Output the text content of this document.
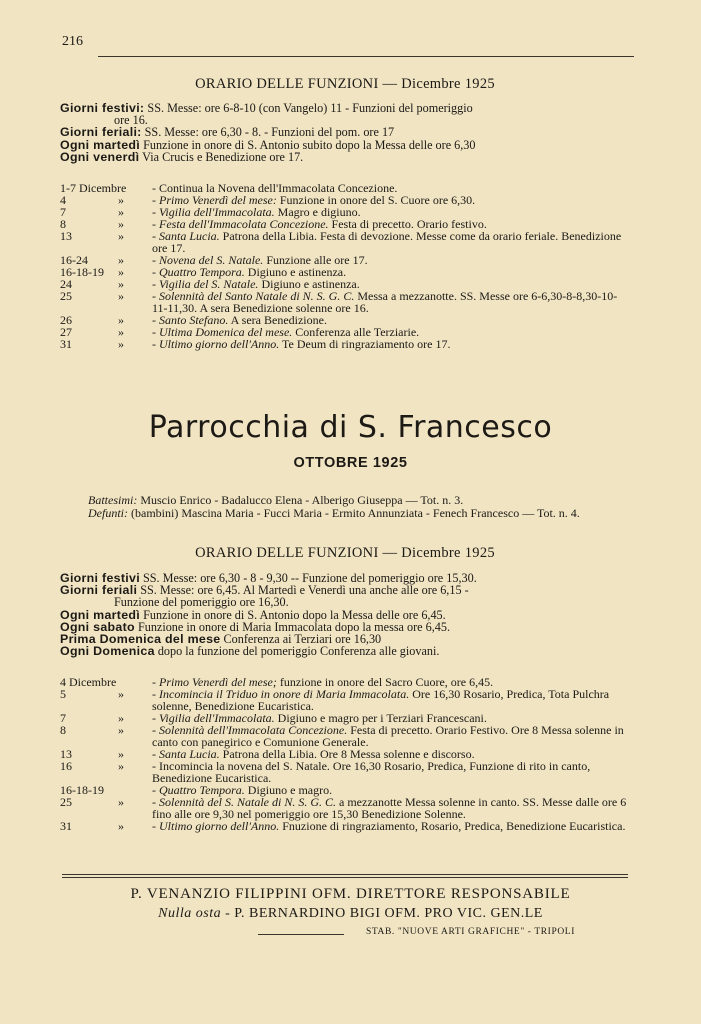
216
ORARIO DELLE FUNZIONI — Dicembre 1925
Giorni festivi: SS. Messe: ore 6-8-10 (con Vangelo) 11 - Funzioni del pomeriggio
ore 16.
Giorni feriali: SS. Messe: ore 6,30 - 8. - Funzioni del pom. ore 17
Ogni martedì Funzione in onore di S. Antonio subito dopo la Messa delle ore 6,30
Ogni venerdì Via Crucis e Benedizione ore 17.
1-7 Dicembre		- Continua la Novena dell'Immacolata Concezione.
4	»	- Primo Venerdì del mese: Funzione in onore del S. Cuore ore 6,30.
7	»	- Vigilia dell'Immacolata. Magro e digiuno.
8	»	- Festa dell'Immacolata Concezione. Festa di precetto. Orario festivo.
13	»	- Santa Lucia. Patrona della Libia. Festa di devozione. Messe come da orario feriale. Benedizione ore 17.
16-24	»	- Novena del S. Natale. Funzione alle ore 17.
16-18-19	»	- Quattro Tempora. Digiuno e astinenza.
24	»	- Vigilia del S. Natale. Digiuno e astinenza.
25	»	- Solennità del Santo Natale di N. S. G. C. Messa a mezzanotte. SS. Messe ore 6-6,30-8-8,30-10-11-11,30. A sera Benedizione solenne ore 16.
26	»	- Santo Stefano. A sera Benedizione.
27	»	- Ultima Domenica del mese. Conferenza alle Terziarie.
31	»	- Ultimo giorno dell'Anno. Te Deum di ringraziamento ore 17.
Parrocchia di S. Francesco
OTTOBRE 1925
Battesimi: Muscio Enrico - Badalucco Elena - Alberigo Giuseppa — Tot. n. 3.
Defunti: (bambini) Mascina Maria - Fucci Maria - Ermito Annunziata - Fenech Francesco — Tot. n. 4.
ORARIO DELLE FUNZIONI — Dicembre 1925
Giorni festivi SS. Messe: ore 6,30 - 8 - 9,30 -- Funzione del pomeriggio ore 15,30.
Giorni feriali SS. Messe: ore 6,45. Al Martedì e Venerdì una anche alle ore 6,15 -
Funzione del pomeriggio ore 16,30.
Ogni martedì Funzione in onore di S. Antonio dopo la Messa delle ore 6,45.
Ogni sabato Funzione in onore di Maria Immacolata dopo la messa ore 6,45.
Prima Domenica del mese Conferenza ai Terziari ore 16,30
Ogni Domenica dopo la funzione del pomeriggio Conferenza alle giovani.
4 Dicembre		- Primo Venerdì del mese; funzione in onore del Sacro Cuore, ore 6,45.
5	»	- Incomincia il Triduo in onore di Maria Immacolata. Ore 16,30 Rosario, Predica, Tota Pulchra solenne, Benedizione Eucaristica.
7	»	- Vigilia dell'Immacolata. Digiuno e magro per i Terziari Francescani.
8	»	- Solennità dell'Immacolata Concezione. Festa di precetto. Orario Festivo. Ore 8 Messa solenne in canto con panegirico e Comunione Generale.
13	»	- Santa Lucia. Patrona della Libia. Ore 8 Messa solenne e discorso.
16	»	- Incomincia la novena del S. Natale. Ore 16,30 Rosario, Predica, Funzione di rito in canto, Benedizione Eucaristica.
16-18-19		- Quattro Tempora. Digiuno e magro.
25	»	- Solennità del S. Natale di N. S. G. C. a mezzanotte Messa solenne in canto. SS. Messe dalle ore 6 fino alle ore 9,30 nel pomeriggio ore 15,30 Benedizione Solenne.
31	»	- Ultimo giorno dell'Anno. Fnuzione di ringraziamento, Rosario, Predica, Benedizione Eucaristica.
P. VENANZIO FILIPPINI OFM. DIRETTORE RESPONSABILE
Nulla osta - P. BERNARDINO BIGI OFM. PRO VIC. GEN.LE
STAB. "NUOVE ARTI GRAFICHE" - TRIPOLI
